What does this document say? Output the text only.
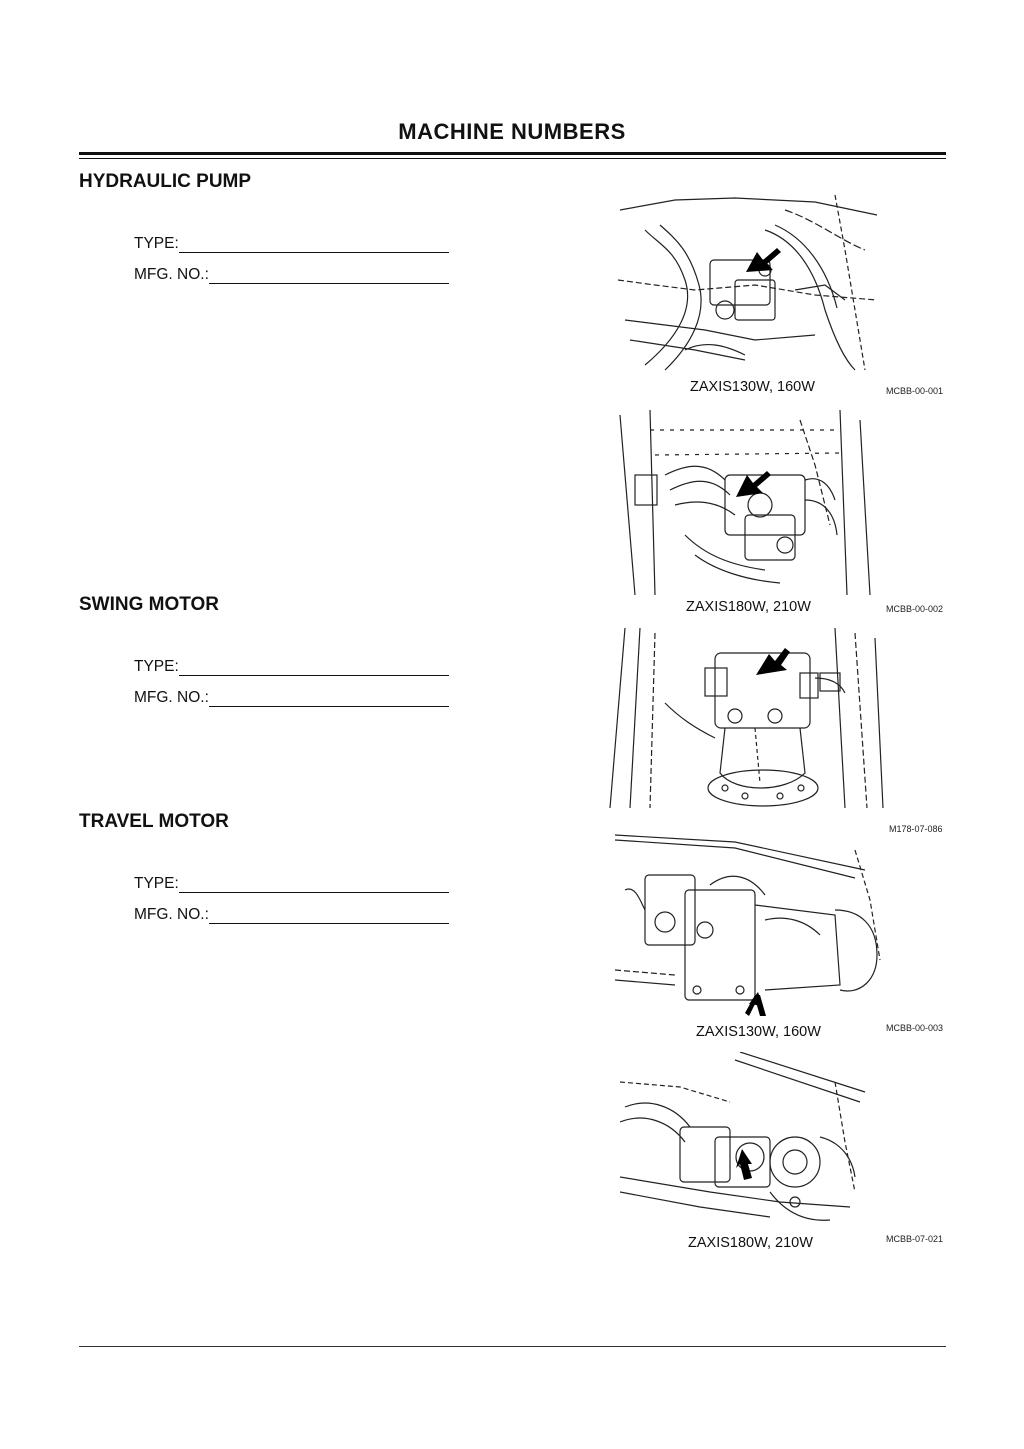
MACHINE NUMBERS
HYDRAULIC PUMP
TYPE:
MFG. NO.:
SWING MOTOR
TYPE:
MFG. NO.:
TRAVEL MOTOR
TYPE:
MFG. NO.:
ZAXIS130W, 160W	MCBB-00-001
ZAXIS180W, 210W	MCBB-00-002
M178-07-086
ZAXIS130W, 160W	MCBB-00-003
ZAXIS180W, 210W	MCBB-07-021
